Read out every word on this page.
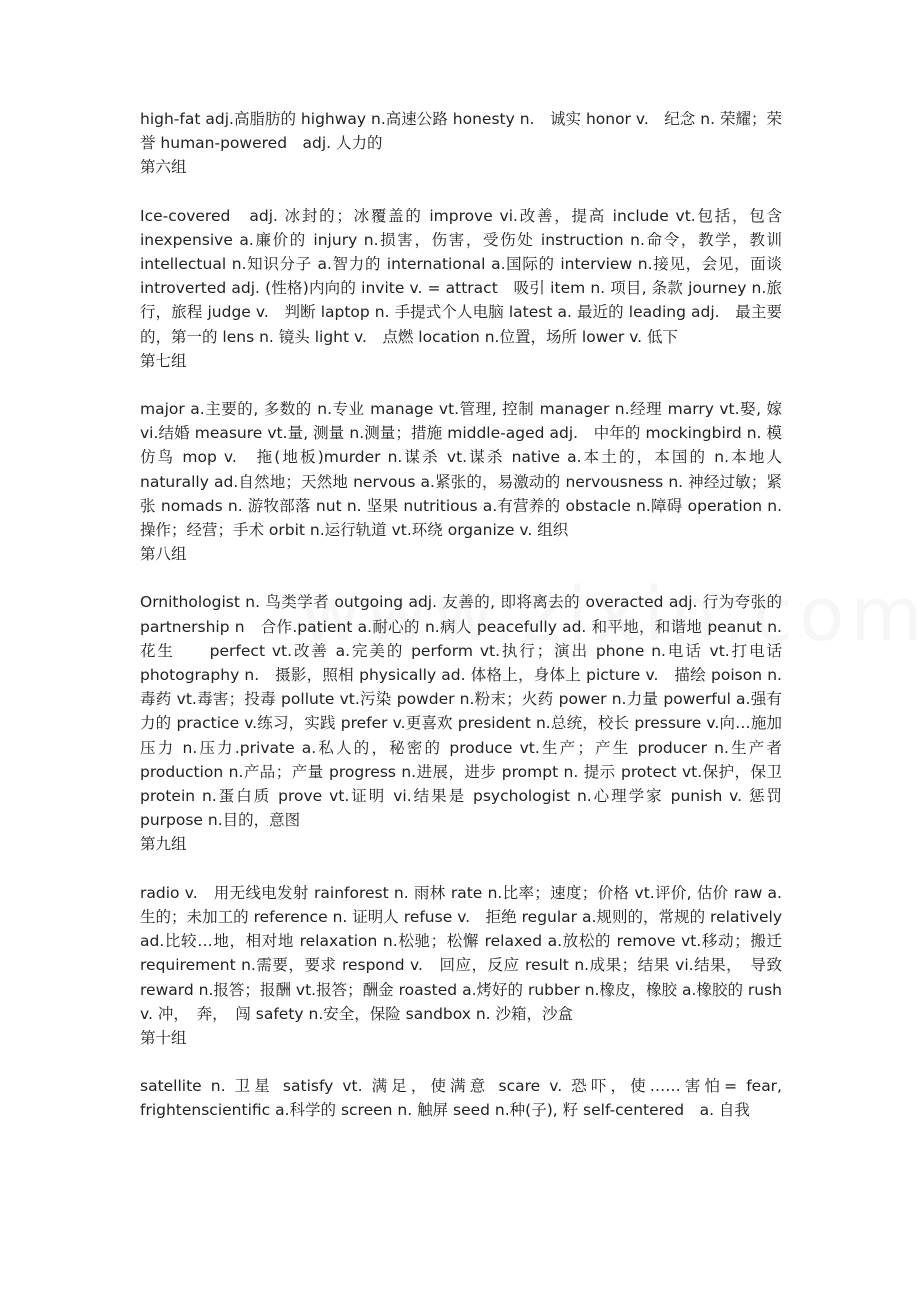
high-fat adj.高脂肪的 highway n.高速公路 honesty n.　诚实 honor v.　纪念 n. 荣耀；荣誉 human-powered　adj. 人力的

第六组

Ice-covered　adj. 冰封的；冰覆盖的 improve vi.改善，提高 include vt.包括，包含 inexpensive a.廉价的 injury n.损害，伤害，受伤处 instruction n.命令，教学，教训 intellectual n.知识分子 a.智力的 international a.国际的 interview n.接见，会见，面谈 introverted adj. (性格)内向的 invite v. = attract　吸引 item n. 项目, 条款 journey n.旅行，旅程 judge v.　判断 laptop n. 手提式个人电脑 latest a. 最近的 leading adj.　最主要的，第一的 lens n. 镜头 light v.　点燃 location n.位置，场所 lower v. 低下

第七组

major a.主要的, 多数的 n.专业 manage vt.管理, 控制 manager n.经理 marry vt.娶, 嫁 vi.结婚 measure vt.量, 测量 n.测量；措施 middle-aged adj.　中年的 mockingbird n. 模仿鸟 mop v.　拖(地板)murder n.谋杀 vt.谋杀 native a.本土的，本国的 n.本地人 naturally ad.自然地；天然地 nervous a.紧张的，易激动的 nervousness n. 神经过敏；紧张 nomads n. 游牧部落 nut n. 坚果 nutritious a.有营养的 obstacle n.障碍 operation n.操作；经营；手术 orbit n.运行轨道 vt.环绕 organize v. 组织

第八组

Ornithologist n. 鸟类学者 outgoing adj. 友善的, 即将离去的 overacted adj. 行为夸张的 partnership n　合作.patient a.耐心的 n.病人 peacefully ad. 和平地，和谐地 peanut n.花生　　perfect vt.改善 a.完美的 perform vt.执行；演出 phone n.电话 vt.打电话 photography n.　摄影，照相 physically ad. 体格上，身体上 picture v.　描绘 poison n.毒药 vt.毒害；投毒 pollute vt.污染 powder n.粉末；火药 power n.力量 powerful a.强有力的 practice v.练习，实践 prefer v.更喜欢 president n.总统，校长 pressure v.向…施加压力 n.压力.private a.私人的，秘密的 produce vt.生产；产生 producer n.生产者 production n.产品；产量 progress n.进展，进步 prompt n. 提示 protect vt.保护，保卫 protein n.蛋白质 prove vt.证明 vi.结果是 psychologist n.心理学家 punish v. 惩罚 purpose n.目的，意图

第九组

radio v.　用无线电发射 rainforest n. 雨林 rate n.比率；速度；价格 vt.评价, 估价 raw a.生的；未加工的 reference n. 证明人 refuse v.　拒绝 regular a.规则的，常规的 relatively ad.比较…地，相对地 relaxation n.松驰；松懈 relaxed a.放松的 remove vt.移动；搬迁 requirement n.需要，要求 respond v.　回应，反应 result n.成果；结果 vi.结果，　导致 reward n.报答；报酬 vt.报答；酬金 roasted a.烤好的 rubber n.橡皮，橡胶 a.橡胶的 rush v. 冲，　奔，　闯 safety n.安全，保险 sandbox n. 沙箱，沙盒

第十组

satellite n. 卫星 satisfy vt. 满足，使满意 scare v. 恐吓，使……害怕= fear, frightenscientific a.科学的 screen n. 触屏 seed n.种(子), 籽 self-centered　a. 自我
